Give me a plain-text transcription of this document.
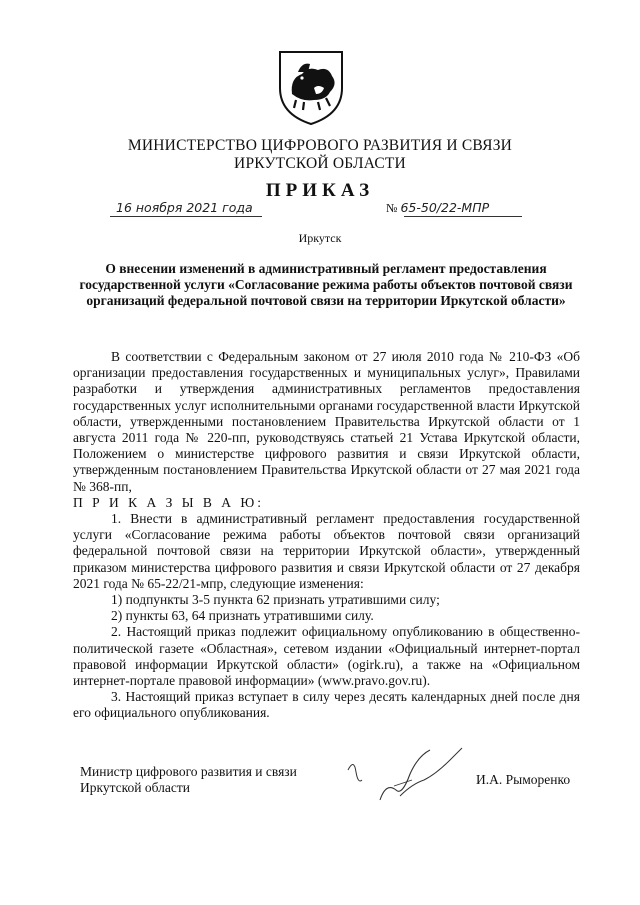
МИНИСТЕРСТВО ЦИФРОВОГО РАЗВИТИЯ И СВЯЗИ
ИРКУТСКОЙ ОБЛАСТИ
ПРИКАЗ
16 ноября 2021 года	№ 65-50/22-МПР
Иркутск
О внесении изменений в административный регламент предоставления государственной услуги «Согласование режима работы объектов почтовой связи организаций федеральной почтовой связи на территории Иркутской области»

В соответствии с Федеральным законом от 27 июля 2010 года № 210-ФЗ «Об организации предоставления государственных и муниципальных услуг», Правилами разработки и утверждения административных регламентов предоставления государственных услуг исполнительными органами государственной власти Иркутской области, утвержденными постановлением Правительства Иркутской области от 1 августа 2011 года № 220-пп, руководствуясь статьей 21 Устава Иркутской области, Положением о министерстве цифрового развития и связи Иркутской области, утвержденным постановлением Правительства Иркутской области от 27 мая 2021 года № 368-пп,

П Р И К А З Ы В А Ю:

1. Внести в административный регламент предоставления государственной услуги «Согласование режима работы объектов почтовой связи организаций федеральной почтовой связи на территории Иркутской области», утвержденный приказом министерства цифрового развития и связи Иркутской области от 27 декабря 2021 года № 65-22/21-мпр, следующие изменения:

1) подпункты 3-5 пункта 62 признать утратившими силу;

2) пункты 63, 64 признать утратившими силу.

2. Настоящий приказ подлежит официальному опубликованию в общественно-политической газете «Областная», сетевом издании «Официальный интернет-портал правовой информации Иркутской области» (ogirk.ru), а также на «Официальном интернет-портале правовой информации» (www.pravo.gov.ru).

3. Настоящий приказ вступает в силу через десять календарных дней после дня его официального опубликования.

Министр цифрового развития и связи
Иркутской области
И.А. Рыморенко
